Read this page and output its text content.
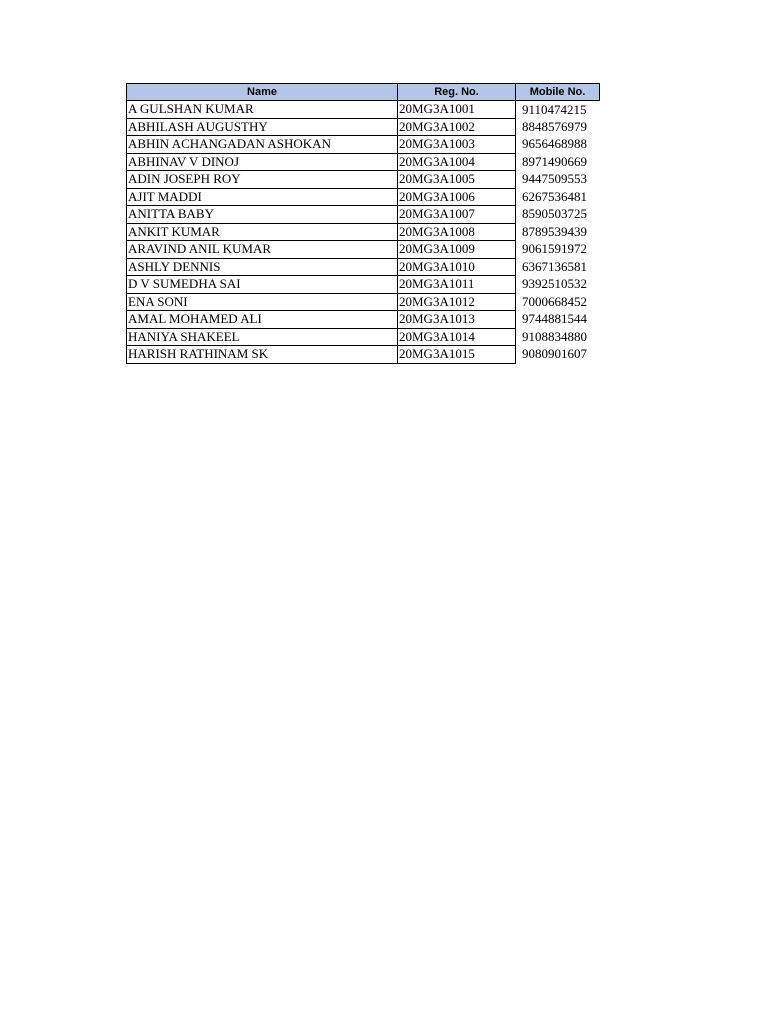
Name	Reg. No.	Mobile No.
A GULSHAN KUMAR	20MG3A1001	9110474215
ABHILASH AUGUSTHY	20MG3A1002	8848576979
ABHIN ACHANGADAN ASHOKAN	20MG3A1003	9656468988
ABHINAV V DINOJ	20MG3A1004	8971490669
ADIN JOSEPH ROY	20MG3A1005	9447509553
AJIT MADDI	20MG3A1006	6267536481
ANITTA BABY	20MG3A1007	8590503725
ANKIT KUMAR	20MG3A1008	8789539439
ARAVIND ANIL KUMAR	20MG3A1009	9061591972
ASHLY DENNIS	20MG3A1010	6367136581
D V SUMEDHA SAI	20MG3A1011	9392510532
ENA SONI	20MG3A1012	7000668452
AMAL MOHAMED ALI	20MG3A1013	9744881544
HANIYA SHAKEEL	20MG3A1014	9108834880
HARISH RATHINAM SK	20MG3A1015	9080901607
